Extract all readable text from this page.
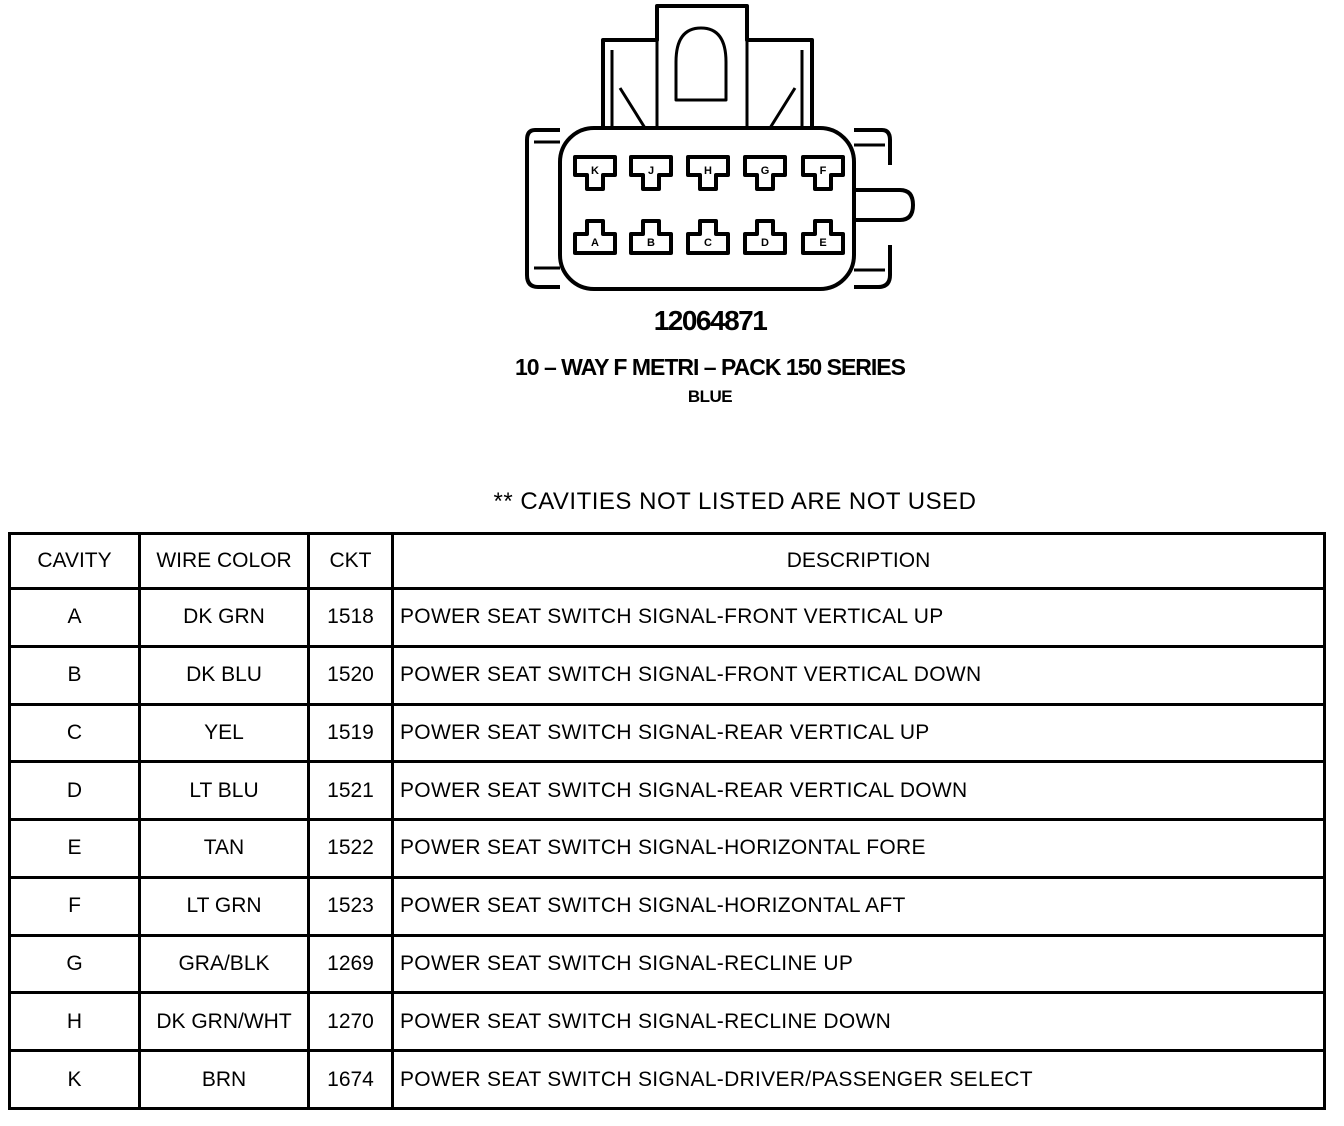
K	J	H	G	F
A	B	C	D	E
12064871
10 – WAY F METRI – PACK 150 SERIES
BLUE
** CAVITIES NOT LISTED ARE NOT USED
CAVITY	WIRE COLOR	CKT	DESCRIPTION
A	DK GRN	1518	POWER SEAT SWITCH SIGNAL-FRONT VERTICAL UP
B	DK BLU	1520	POWER SEAT SWITCH SIGNAL-FRONT VERTICAL DOWN
C	YEL	1519	POWER SEAT SWITCH SIGNAL-REAR VERTICAL UP
D	LT BLU	1521	POWER SEAT SWITCH SIGNAL-REAR VERTICAL DOWN
E	TAN	1522	POWER SEAT SWITCH SIGNAL-HORIZONTAL FORE
F	LT GRN	1523	POWER SEAT SWITCH SIGNAL-HORIZONTAL AFT
G	GRA/BLK	1269	POWER SEAT SWITCH SIGNAL-RECLINE UP
H	DK GRN/WHT	1270	POWER SEAT SWITCH SIGNAL-RECLINE DOWN
K	BRN	1674	POWER SEAT SWITCH SIGNAL-DRIVER/PASSENGER SELECT
